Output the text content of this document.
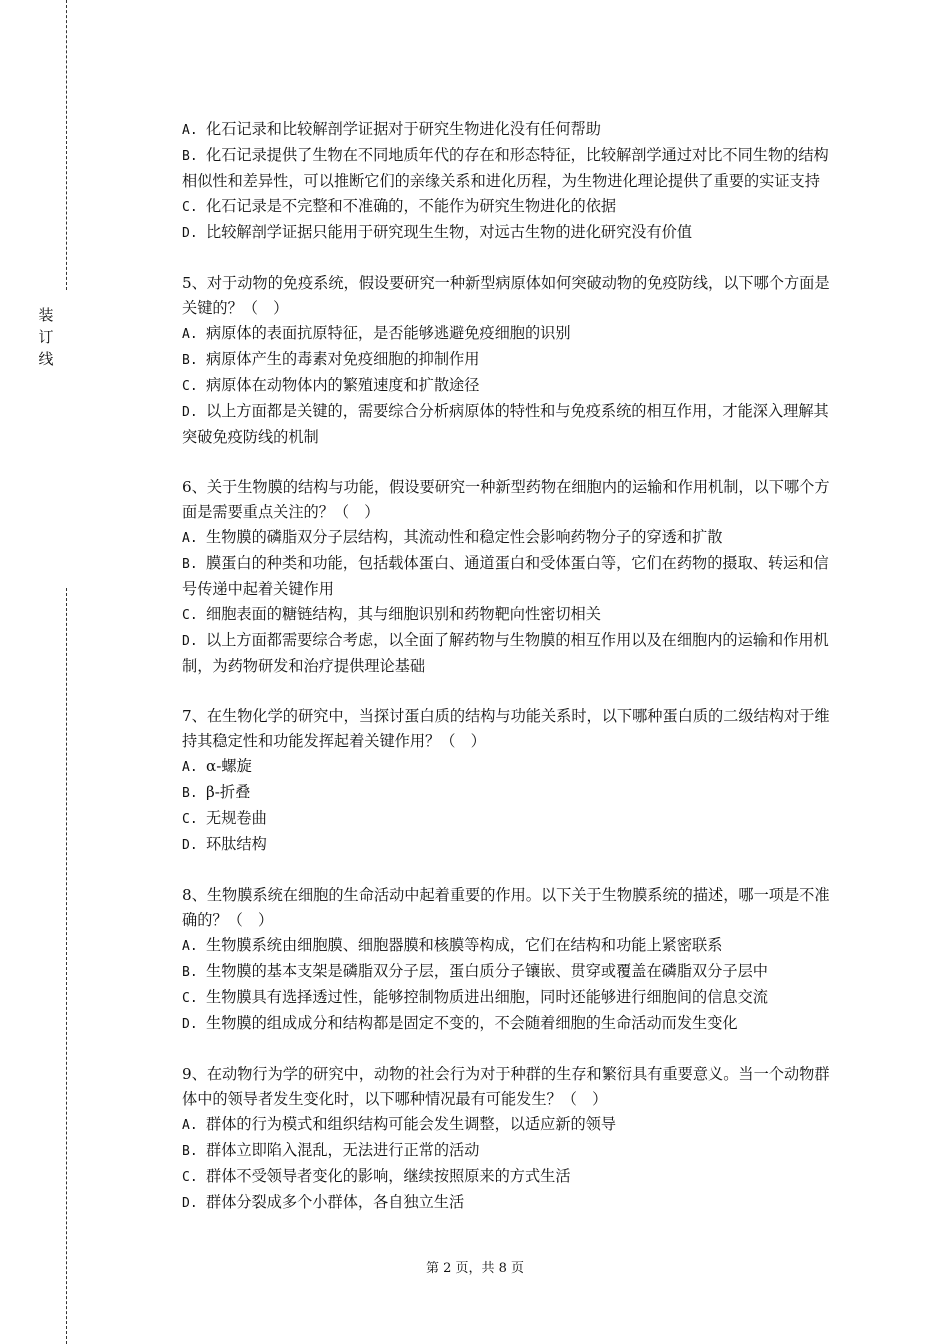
装
订
线
A. 化石记录和比较解剖学证据对于研究生物进化没有任何帮助
B. 化石记录提供了生物在不同地质年代的存在和形态特征，比较解剖学通过对比不同生物的结构相似性和差异性，可以推断它们的亲缘关系和进化历程，为生物进化理论提供了重要的实证支持
C. 化石记录是不完整和不准确的，不能作为研究生物进化的依据
D. 比较解剖学证据只能用于研究现生生物，对远古生物的进化研究没有价值

5、对于动物的免疫系统，假设要研究一种新型病原体如何突破动物的免疫防线，以下哪个方面是关键的？（　）

A. 病原体的表面抗原特征，是否能够逃避免疫细胞的识别
B. 病原体产生的毒素对免疫细胞的抑制作用
C. 病原体在动物体内的繁殖速度和扩散途径
D. 以上方面都是关键的，需要综合分析病原体的特性和与免疫系统的相互作用，才能深入理解其突破免疫防线的机制

6、关于生物膜的结构与功能，假设要研究一种新型药物在细胞内的运输和作用机制，以下哪个方面是需要重点关注的？（　）

A. 生物膜的磷脂双分子层结构，其流动性和稳定性会影响药物分子的穿透和扩散
B. 膜蛋白的种类和功能，包括载体蛋白、通道蛋白和受体蛋白等，它们在药物的摄取、转运和信号传递中起着关键作用
C. 细胞表面的糖链结构，其与细胞识别和药物靶向性密切相关
D. 以上方面都需要综合考虑，以全面了解药物与生物膜的相互作用以及在细胞内的运输和作用机制，为药物研发和治疗提供理论基础

7、在生物化学的研究中，当探讨蛋白质的结构与功能关系时，以下哪种蛋白质的二级结构对于维持其稳定性和功能发挥起着关键作用？（　）

A. α-螺旋
B. β-折叠
C. 无规卷曲
D. 环肽结构

8、生物膜系统在细胞的生命活动中起着重要的作用。以下关于生物膜系统的描述，哪一项是不准确的？（　）

A. 生物膜系统由细胞膜、细胞器膜和核膜等构成，它们在结构和功能上紧密联系
B. 生物膜的基本支架是磷脂双分子层，蛋白质分子镶嵌、贯穿或覆盖在磷脂双分子层中
C. 生物膜具有选择透过性，能够控制物质进出细胞，同时还能够进行细胞间的信息交流
D. 生物膜的组成成分和结构都是固定不变的，不会随着细胞的生命活动而发生变化

9、在动物行为学的研究中，动物的社会行为对于种群的生存和繁衍具有重要意义。当一个动物群体中的领导者发生变化时，以下哪种情况最有可能发生？（　）

A. 群体的行为模式和组织结构可能会发生调整，以适应新的领导
B. 群体立即陷入混乱，无法进行正常的活动
C. 群体不受领导者变化的影响，继续按照原来的方式生活
D. 群体分裂成多个小群体，各自独立生活
第 2 页，共 8 页
